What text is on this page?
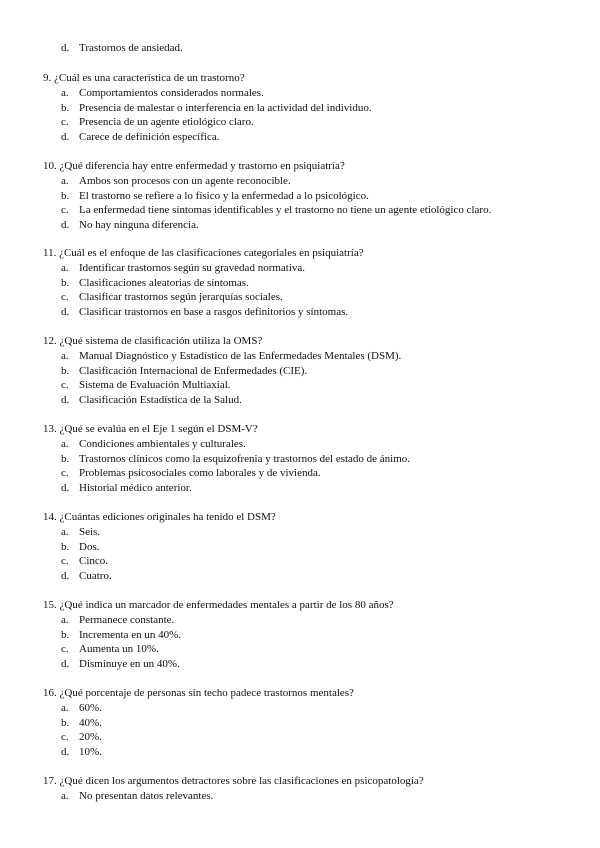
d. Trastornos de ansiedad.
9. ¿Cuál es una característica de un trastorno?
a. Comportamientos considerados normales.
b. Presencia de malestar o interferencia en la actividad del individuo.
c. Presencia de un agente etiológico claro.
d. Carece de definición específica.
10. ¿Qué diferencia hay entre enfermedad y trastorno en psiquiatría?
a. Ambos son procesos con un agente reconocible.
b. El trastorno se refiere a lo físico y la enfermedad a lo psicológico.
c. La enfermedad tiene síntomas identificables y el trastorno no tiene un agente etiológico claro.
d. No hay ninguna diferencia.
11. ¿Cuál es el enfoque de las clasificaciones categoriales en psiquiatría?
a. Identificar trastornos según su gravedad normativa.
b. Clasificaciones aleatorias de síntomas.
c. Clasificar trastornos según jerarquías sociales.
d. Clasificar trastornos en base a rasgos definitorios y síntomas.
12. ¿Qué sistema de clasificación utiliza la OMS?
a. Manual Diagnóstico y Estadístico de las Enfermedades Mentales (DSM).
b. Clasificación Internacional de Enfermedades (CIE).
c. Sistema de Evaluación Multiaxial.
d. Clasificación Estadística de la Salud.
13. ¿Qué se evalúa en el Eje 1 según el DSM-V?
a. Condiciones ambientales y culturales.
b. Trastornos clínicos como la esquizofrenia y trastornos del estado de ánimo.
c. Problemas psicosociales como laborales y de vivienda.
d. Historial médico anterior.
14. ¿Cuántas ediciones originales ha tenido el DSM?
a. Seis.
b. Dos.
c. Cinco.
d. Cuatro.
15. ¿Qué indica un marcador de enfermedades mentales a partir de los 80 años?
a. Permanece constante.
b. Incrementa en un 40%.
c. Aumenta un 10%.
d. Disminuye en un 40%.
16. ¿Qué porcentaje de personas sin techo padece trastornos mentales?
a. 60%.
b. 40%.
c. 20%.
d. 10%.
17. ¿Qué dicen los argumentos detractores sobre las clasificaciones en psicopatología?
a. No presentan datos relevantes.
